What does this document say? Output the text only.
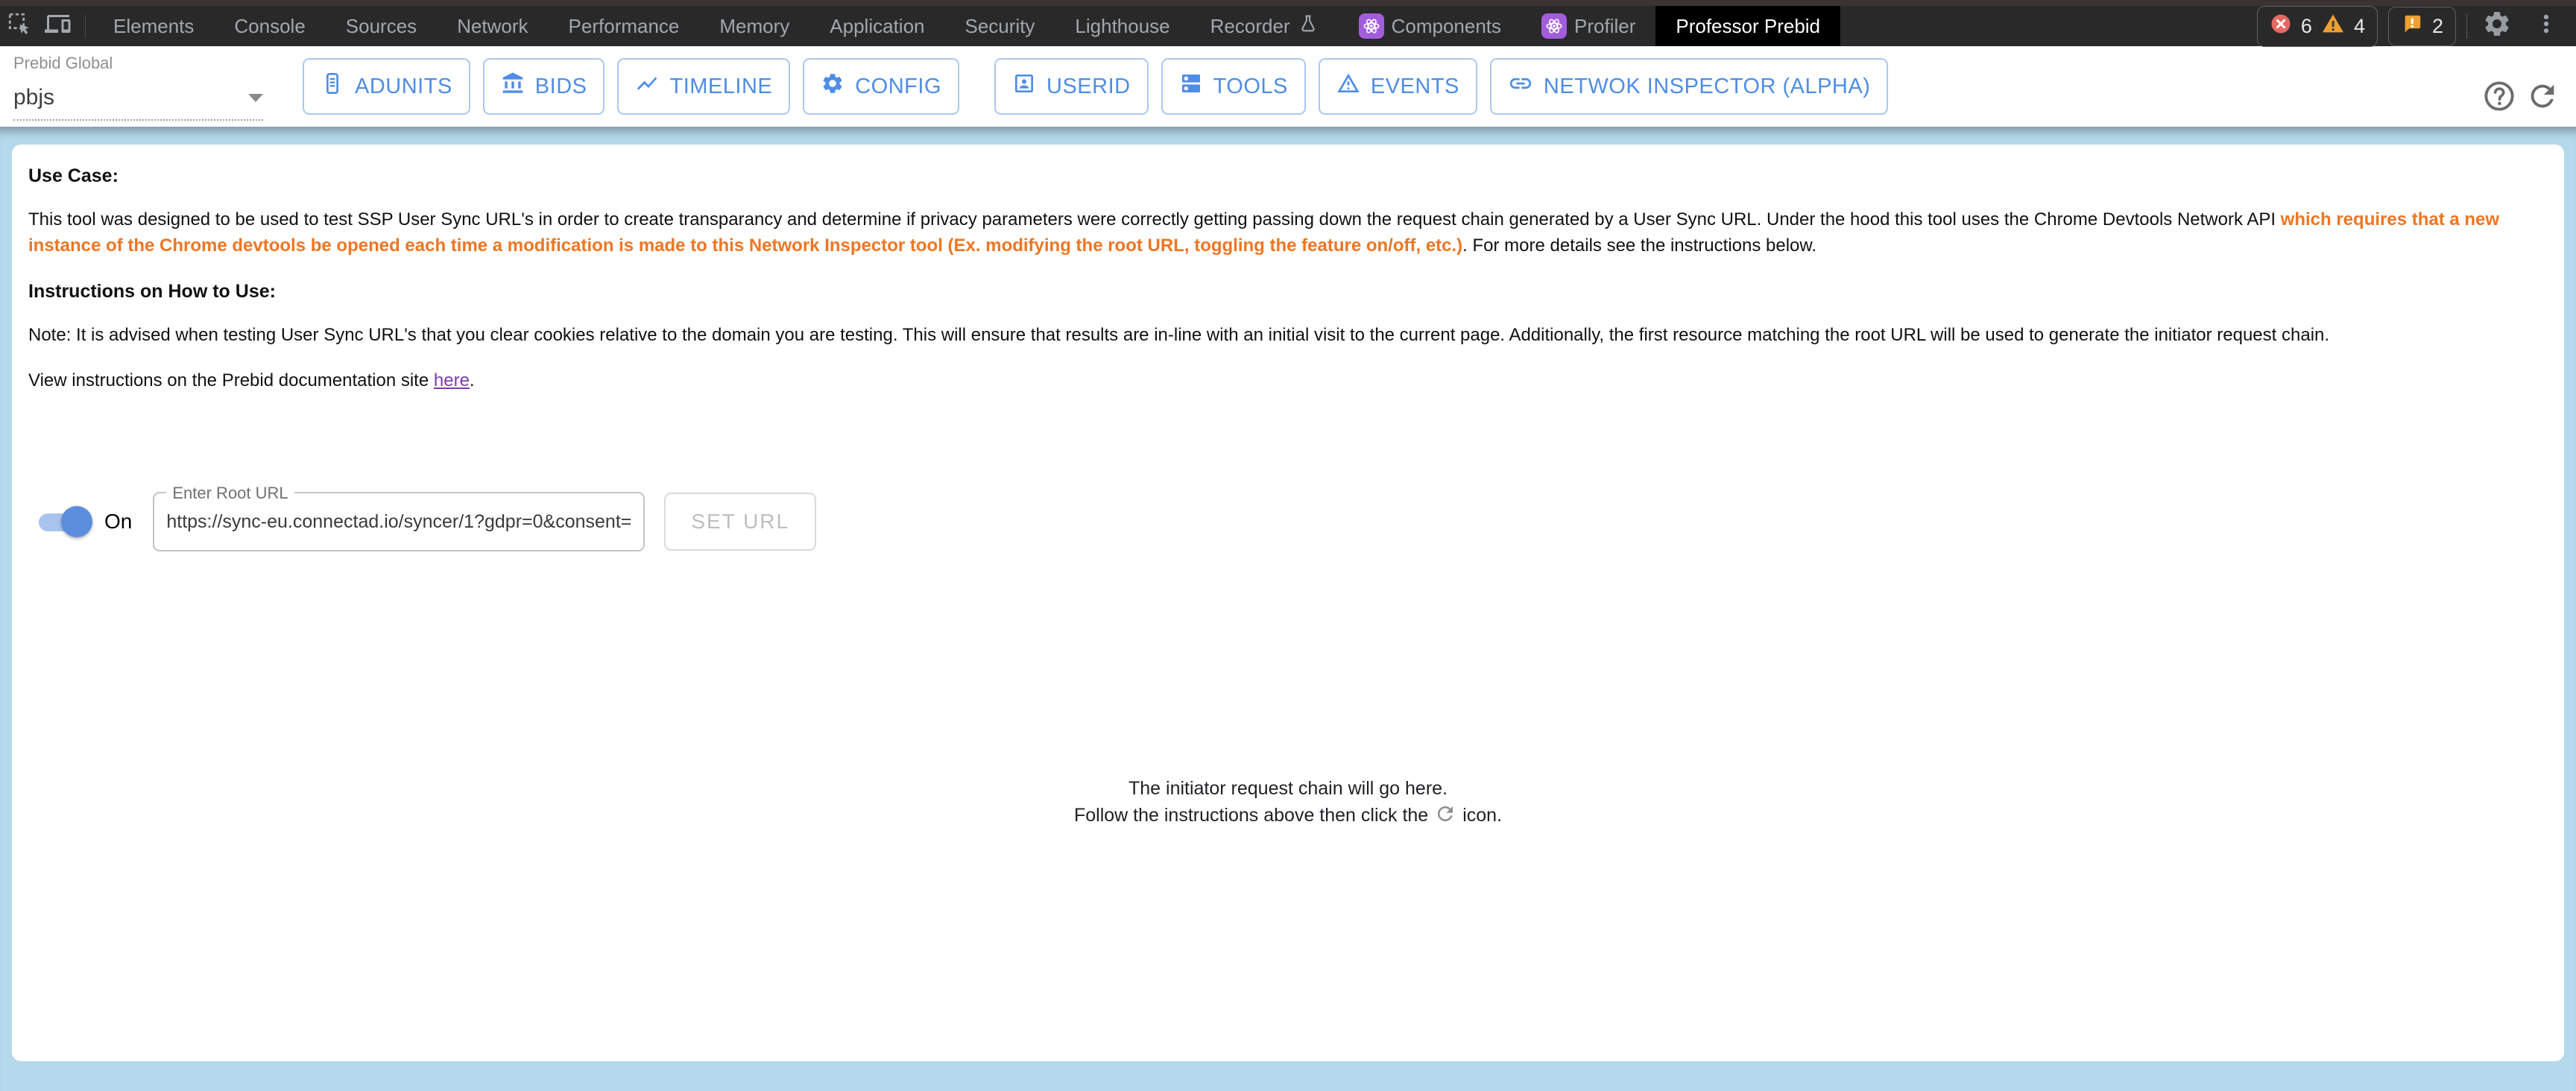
Elements Console Sources Network Performance Memory Application Security Lighthouse Recorder	Components	Profiler Professor Prebid	6 4	2
Prebid Global
pbjs	ADUNITS	BIDS	TIMELINE	CONFIG	USERID	TOOLS	EVENTS	NETWOK INSPECTOR (ALPHA)
Use Case:

This tool was designed to be used to test SSP User Sync URL's in order to create transparancy and determine if privacy parameters were correctly getting passing down the request chain generated by a User Sync URL. Under the hood this tool uses the Chrome Devtools Network API which requires that a new instance of the Chrome devtools be opened each time a modification is made to this Network Inspector tool (Ex. modifying the root URL, toggling the feature on/off, etc.). For more details see the instructions below.

Instructions on How to Use:

Note: It is advised when testing User Sync URL's that you clear cookies relative to the domain you are testing. This will ensure that results are in-line with an initial visit to the current page. Additionally, the first resource matching the root URL will be used to generate the initiator request chain.

View instructions on the Prebid documentation site here.

On
Enter Root URL
https://sync-eu.connectad.io/syncer/1?gdpr=0&consent=&us
SET URL
The initiator request chain will go here.
Follow the instructions above then click the icon.
